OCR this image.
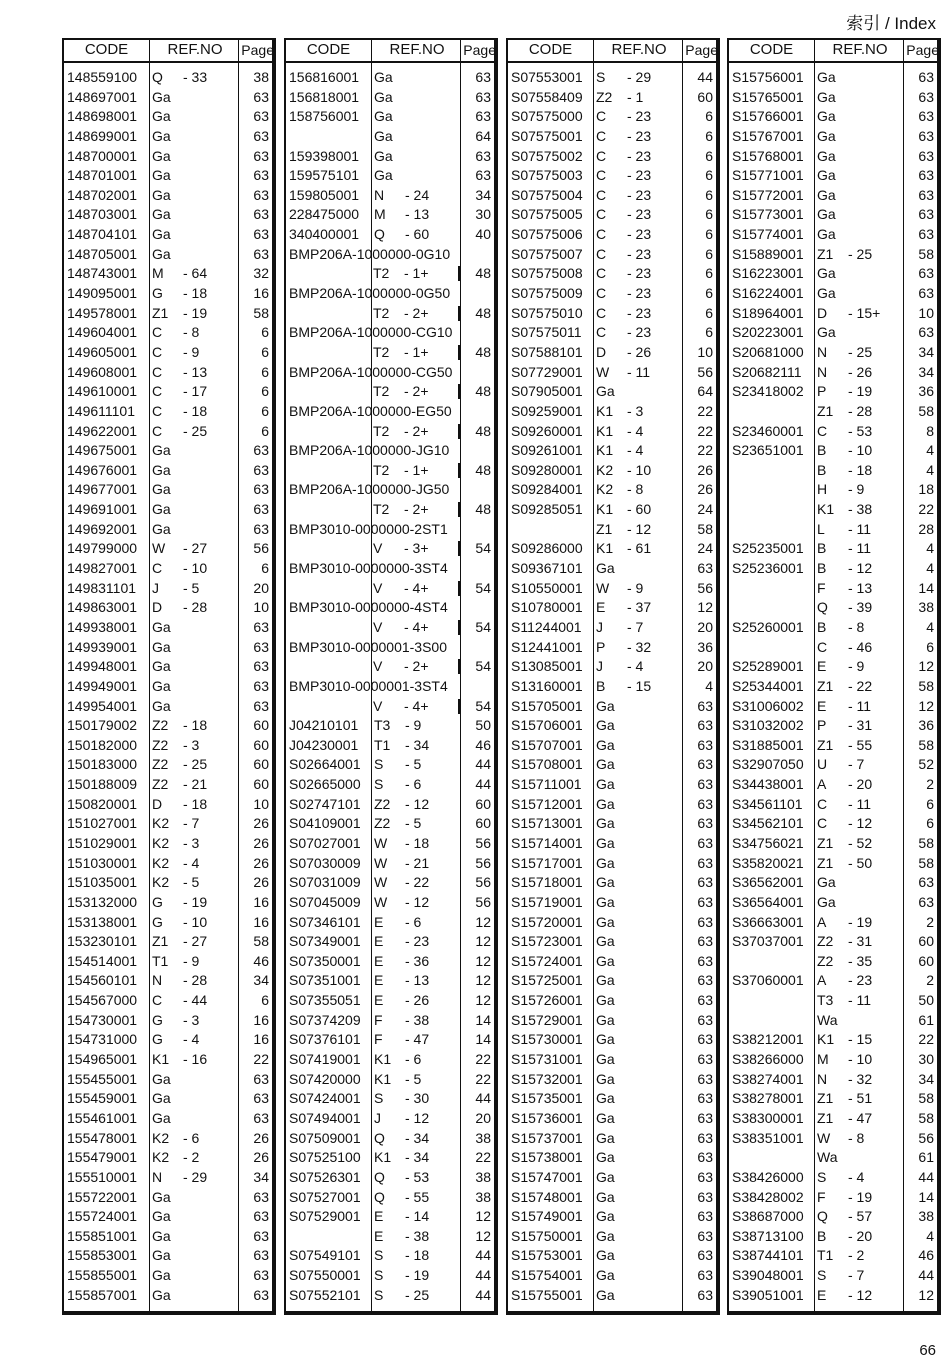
索引 / Index
CODE	REF.NO	Page
148559100 Q - 33	38
148697001 Ga	63
148698001 Ga	63
148699001 Ga	63
148700001 Ga	63
148701001 Ga	63
148702001 Ga	63
148703001 Ga	63
148704101 Ga	63
148705001 Ga	63
148743001 M - 64	32
149095001 G - 18	16
149578001 Z1 - 19	58
149604001 C - 8	6
149605001 C - 9	6
149608001 C - 13	6
149610001 C - 17	6
149611101 C - 18	6
149622001 C - 25	6
149675001 Ga	63
149676001 Ga	63
149677001 Ga	63
149691001 Ga	63
149692001 Ga	63
149799000 W - 27	56
149827001 C - 10	6
149831101 J - 5	20
149863001 D - 28	10
149938001 Ga	63
149939001 Ga	63
149948001 Ga	63
149949001 Ga	63
149954001 Ga	63
150179002 Z2 - 18	60
150182000 Z2 - 3	60
150183000 Z2 - 25	60
150188009 Z2 - 21	60
150820001 D - 18	10
151027001 K2 - 7	26
151029001 K2 - 3	26
151030001 K2 - 4	26
151035001 K2 - 5	26
153132000 G - 19	16
153138001 G - 10	16
153230101 Z1 - 27	58
154514001 T1 - 9	46
154560101 N - 28	34
154567000 C - 44	6
154730001 G - 3	16
154731000 G - 4	16
154965001 K1 - 16	22
155455001 Ga	63
155459001 Ga	63
155461001 Ga	63
155478001 K2 - 6	26
155479001 K2 - 2	26
155510001 N - 29	34
155722001 Ga	63
155724001 Ga	63
155851001 Ga	63
155853001 Ga	63
155855001 Ga	63
155857001 Ga	63
CODE	REF.NO	Page
156816001 Ga	63
156818001 Ga	63
158756001 Ga	63
Ga	64
159398001 Ga	63
159575101 Ga	63
159805001 N - 24	34
228475000 M - 13	30
340400001 Q - 60	40
BMP206A-1000000-0G10
T2 - 1+	48
BMP206A-1000000-0G50
T2 - 2+	48
BMP206A-1000000-CG10
T2 - 1+	48
BMP206A-1000000-CG50
T2 - 2+	48
BMP206A-1000000-EG50
T2 - 2+	48
BMP206A-1000000-JG10
T2 - 1+	48
BMP206A-1000000-JG50
T2 - 2+	48
BMP3010-0000000-2ST1
V - 3+	54
BMP3010-0000000-3ST4
V - 4+	54
BMP3010-0000000-4ST4
V - 4+	54
BMP3010-0000001-3S00
V - 2+	54
BMP3010-0000001-3ST4
V - 4+	54
J04210101 T3 - 9	50
J04230001 T1 - 34	46
S02664001 S - 5	44
S02665000 S - 6	44
S02747101 Z2 - 12	60
S04109001 Z2 - 5	60
S07027001 W - 18	56
S07030009 W - 21	56
S07031009 W - 22	56
S07045009 W - 12	56
S07346101 E - 6	12
S07349001 E - 23	12
S07350001 E - 36	12
S07351001 E - 13	12
S07355051 E - 26	12
S07374209 F - 38	14
S07376101 F - 47	14
S07419001 K1 - 6	22
S07420000 K1 - 5	22
S07424001 S - 30	44
S07494001 J - 12	20
S07509001 Q - 34	38
S07525100 K1 - 34	22
S07526301 Q - 53	38
S07527001 Q - 55	38
S07529001 E - 14	12
E - 38	12
S07549101 S - 18	44
S07550001 S - 19	44
S07552101 S - 25	44
CODE	REF.NO	Page
S07553001 S - 29	44
S07558409 Z2 - 1	60
S07575000 C - 23	6
S07575001 C - 23	6
S07575002 C - 23	6
S07575003 C - 23	6
S07575004 C - 23	6
S07575005 C - 23	6
S07575006 C - 23	6
S07575007 C - 23	6
S07575008 C - 23	6
S07575009 C - 23	6
S07575010 C - 23	6
S07575011 C - 23	6
S07588101 D - 26	10
S07729001 W - 11	56
S07905001 Ga	64
S09259001 K1 - 3	22
S09260001 K1 - 4	22
S09261001 K1 - 4	22
S09280001 K2 - 10	26
S09284001 K2 - 8	26
S09285051 K1 - 60	24
Z1 - 12	58
S09286000 K1 - 61	24
S09367101 Ga	63
S10550001 W - 9	56
S10780001 E - 37	12
S11244001 J - 7	20
S12441001 P - 32	36
S13085001 J - 4	20
S13160001 B - 15	4
S15705001 Ga	63
S15706001 Ga	63
S15707001 Ga	63
S15708001 Ga	63
S15711001 Ga	63
S15712001 Ga	63
S15713001 Ga	63
S15714001 Ga	63
S15717001 Ga	63
S15718001 Ga	63
S15719001 Ga	63
S15720001 Ga	63
S15723001 Ga	63
S15724001 Ga	63
S15725001 Ga	63
S15726001 Ga	63
S15729001 Ga	63
S15730001 Ga	63
S15731001 Ga	63
S15732001 Ga	63
S15735001 Ga	63
S15736001 Ga	63
S15737001 Ga	63
S15738001 Ga	63
S15747001 Ga	63
S15748001 Ga	63
S15749001 Ga	63
S15750001 Ga	63
S15753001 Ga	63
S15754001 Ga	63
S15755001 Ga	63
CODE	REF.NO	Page
S15756001 Ga	63
S15765001 Ga	63
S15766001 Ga	63
S15767001 Ga	63
S15768001 Ga	63
S15771001 Ga	63
S15772001 Ga	63
S15773001 Ga	63
S15774001 Ga	63
S15889001 Z1 - 25	58
S16223001 Ga	63
S16224001 Ga	63
S18964001 D - 15+	10
S20223001 Ga	63
S20681000 N - 25	34
S20682111 N - 26	34
S23418002 P - 19	36
Z1 - 28	58
S23460001 C - 53	8
S23651001 B - 10	4
B - 18	4
H - 9	18
K1 - 38	22
L - 11	28
S25235001 B - 11	4
S25236001 B - 12	4
F - 13	14
Q - 39	38
S25260001 B - 8	4
C - 46	6
S25289001 E - 9	12
S25344001 Z1 - 22	58
S31006002 E - 11	12
S31032002 P - 31	36
S31885001 Z1 - 55	58
S32907050 U - 7	52
S34438001 A - 20	2
S34561101 C - 11	6
S34562101 C - 12	6
S34756021 Z1 - 52	58
S35820021 Z1 - 50	58
S36562001 Ga	63
S36564001 Ga	63
S36663001 A - 19	2
S37037001 Z2 - 31	60
Z2 - 35	60
S37060001 A - 23	2
T3 - 11	50
Wa	61
S38212001 K1 - 15	22
S38266000 M - 10	30
S38274001 N - 32	34
S38278001 Z1 - 51	58
S38300001 Z1 - 47	58
S38351001 W - 8	56
Wa	61
S38426000 S - 4	44
S38428002 F - 19	14
S38687000 Q - 57	38
S38713100 B - 20	4
S38744101 T1 - 2	46
S39048001 S - 7	44
S39051001 E - 12	12
66
